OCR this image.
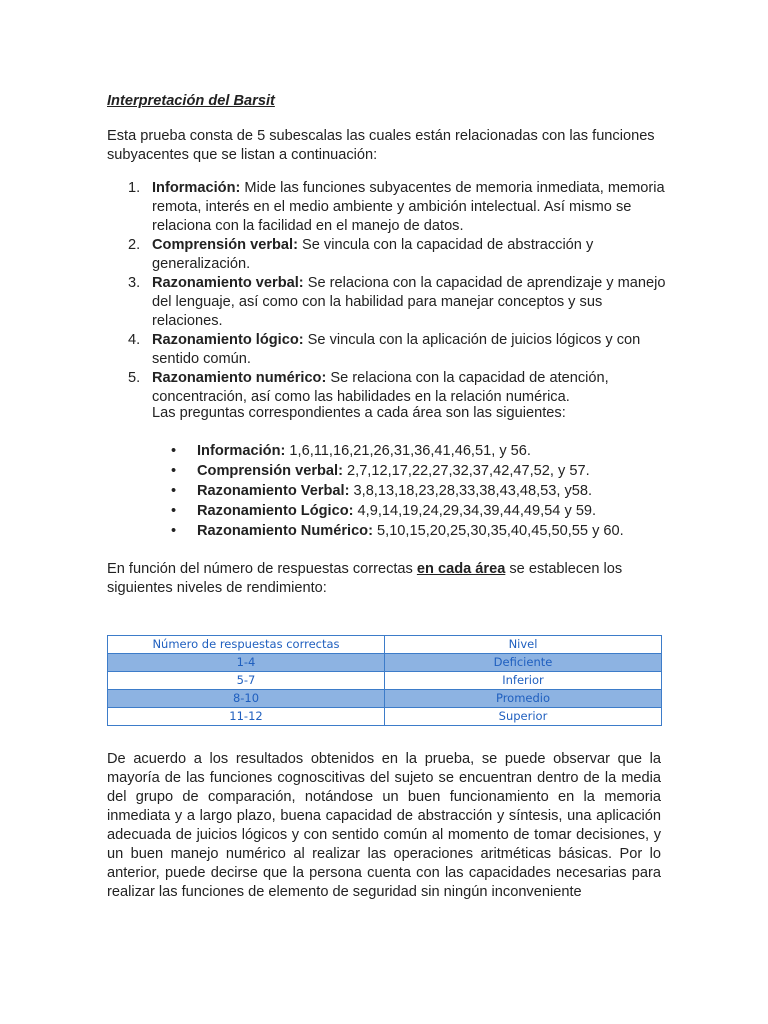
Interpretación del Barsit
Esta prueba consta de 5 subescalas las cuales están relacionadas con las funciones subyacentes que se listan a continuación:
1. Información: Mide las funciones subyacentes de memoria inmediata, memoria remota, interés en el medio ambiente y ambición intelectual. Así mismo se relaciona con la facilidad en el manejo de datos.
2. Comprensión verbal: Se vincula con la capacidad de abstracción y generalización.
3. Razonamiento verbal: Se relaciona con la capacidad de aprendizaje y manejo del lenguaje, así como con la habilidad para manejar conceptos y sus relaciones.
4. Razonamiento lógico: Se vincula con la aplicación de juicios lógicos y con sentido común.
5. Razonamiento numérico: Se relaciona con la capacidad de atención, concentración, así como las habilidades en la relación numérica.
Las preguntas correspondientes a cada área son las siguientes:
• Información: 1,6,11,16,21,26,31,36,41,46,51, y 56.
• Comprensión verbal: 2,7,12,17,22,27,32,37,42,47,52, y 57.
• Razonamiento Verbal: 3,8,13,18,23,28,33,38,43,48,53, y58.
• Razonamiento Lógico: 4,9,14,19,24,29,34,39,44,49,54 y 59.
• Razonamiento Numérico: 5,10,15,20,25,30,35,40,45,50,55 y 60.
En función del número de respuestas correctas en cada área se establecen los siguientes niveles de rendimiento:
Número de respuestas correctas	Nivel
1-4	Deficiente
5-7	Inferior
8-10	Promedio
11-12	Superior
De acuerdo a los resultados obtenidos en la prueba, se puede observar que la mayoría de las funciones cognoscitivas del sujeto se encuentran dentro de la media del grupo de comparación, notándose un buen funcionamiento en la memoria inmediata y a largo plazo, buena capacidad de abstracción y síntesis, una aplicación adecuada de juicios lógicos y con sentido común al momento de tomar decisiones, y un buen manejo numérico al realizar las operaciones aritméticas básicas. Por lo anterior, puede decirse que la persona cuenta con las capacidades necesarias para realizar las funciones de elemento de seguridad sin ningún inconveniente
